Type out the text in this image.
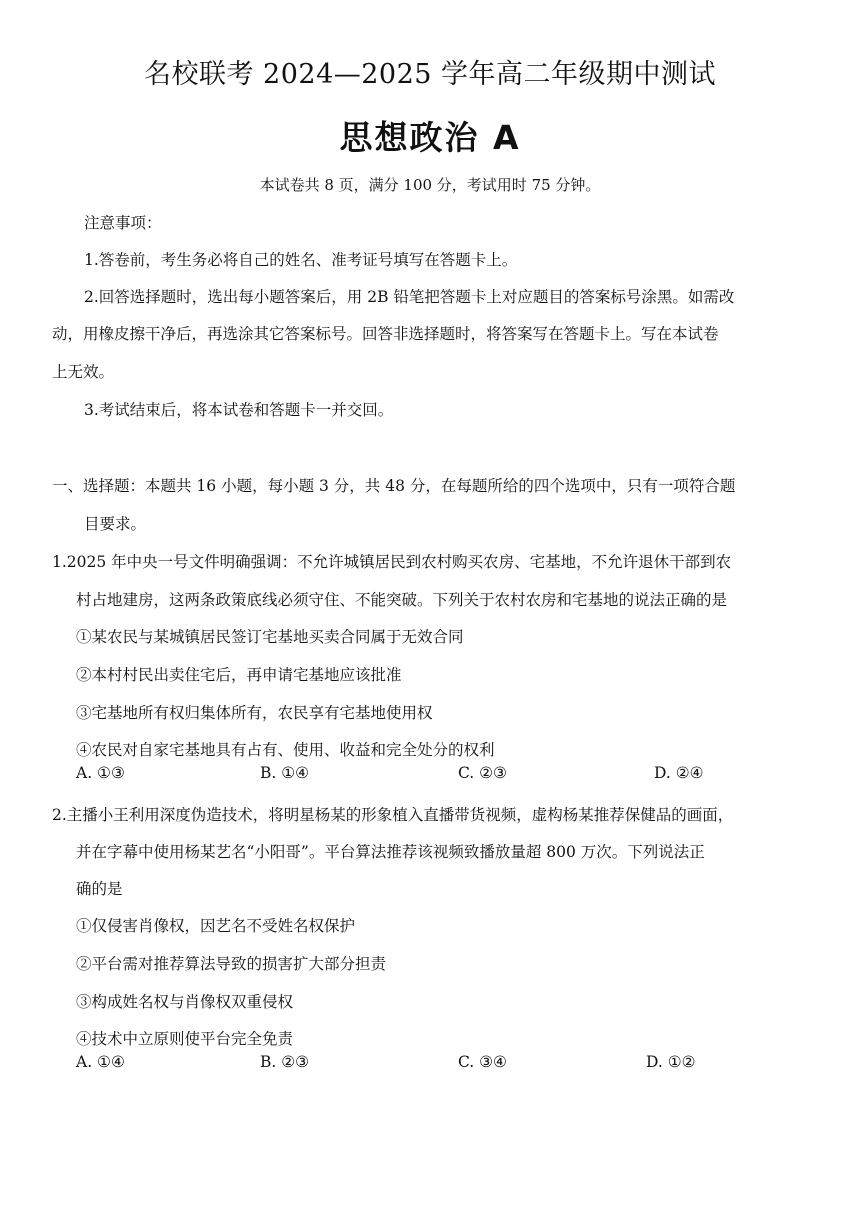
名校联考 2024—2025 学年高二年级期中测试
思想政治 A
本试卷共 8 页，满分 100 分，考试用时 75 分钟。
注意事项：
1.答卷前，考生务必将自己的姓名、准考证号填写在答题卡上。
2.回答选择题时，选出每小题答案后，用 2B 铅笔把答题卡上对应题目的答案标号涂黑。如需改
动，用橡皮擦干净后，再选涂其它答案标号。回答非选择题时，将答案写在答题卡上。写在本试卷
上无效。
3.考试结束后，将本试卷和答题卡一并交回。
一、选择题：本题共 16 小题，每小题 3 分，共 48 分，在每题所给的四个选项中，只有一项符合题
目要求。
1.2025 年中央一号文件明确强调：不允许城镇居民到农村购买农房、宅基地，不允许退休干部到农
村占地建房，这两条政策底线必须守住、不能突破。下列关于农村农房和宅基地的说法正确的是
①某农民与某城镇居民签订宅基地买卖合同属于无效合同
②本村村民出卖住宅后，再申请宅基地应该批准
③宅基地所有权归集体所有，农民享有宅基地使用权
④农民对自家宅基地具有占有、使用、收益和完全处分的权利
A. ①③	B. ①④	C. ②③	D. ②④
2.主播小王利用深度伪造技术，将明星杨某的形象植入直播带货视频，虚构杨某推荐保健品的画面，
并在字幕中使用杨某艺名“小阳哥”。平台算法推荐该视频致播放量超 800 万次。下列说法正
确的是
①仅侵害肖像权，因艺名不受姓名权保护
②平台需对推荐算法导致的损害扩大部分担责
③构成姓名权与肖像权双重侵权
④技术中立原则使平台完全免责
A. ①④	B. ②③	C. ③④	D. ①②
